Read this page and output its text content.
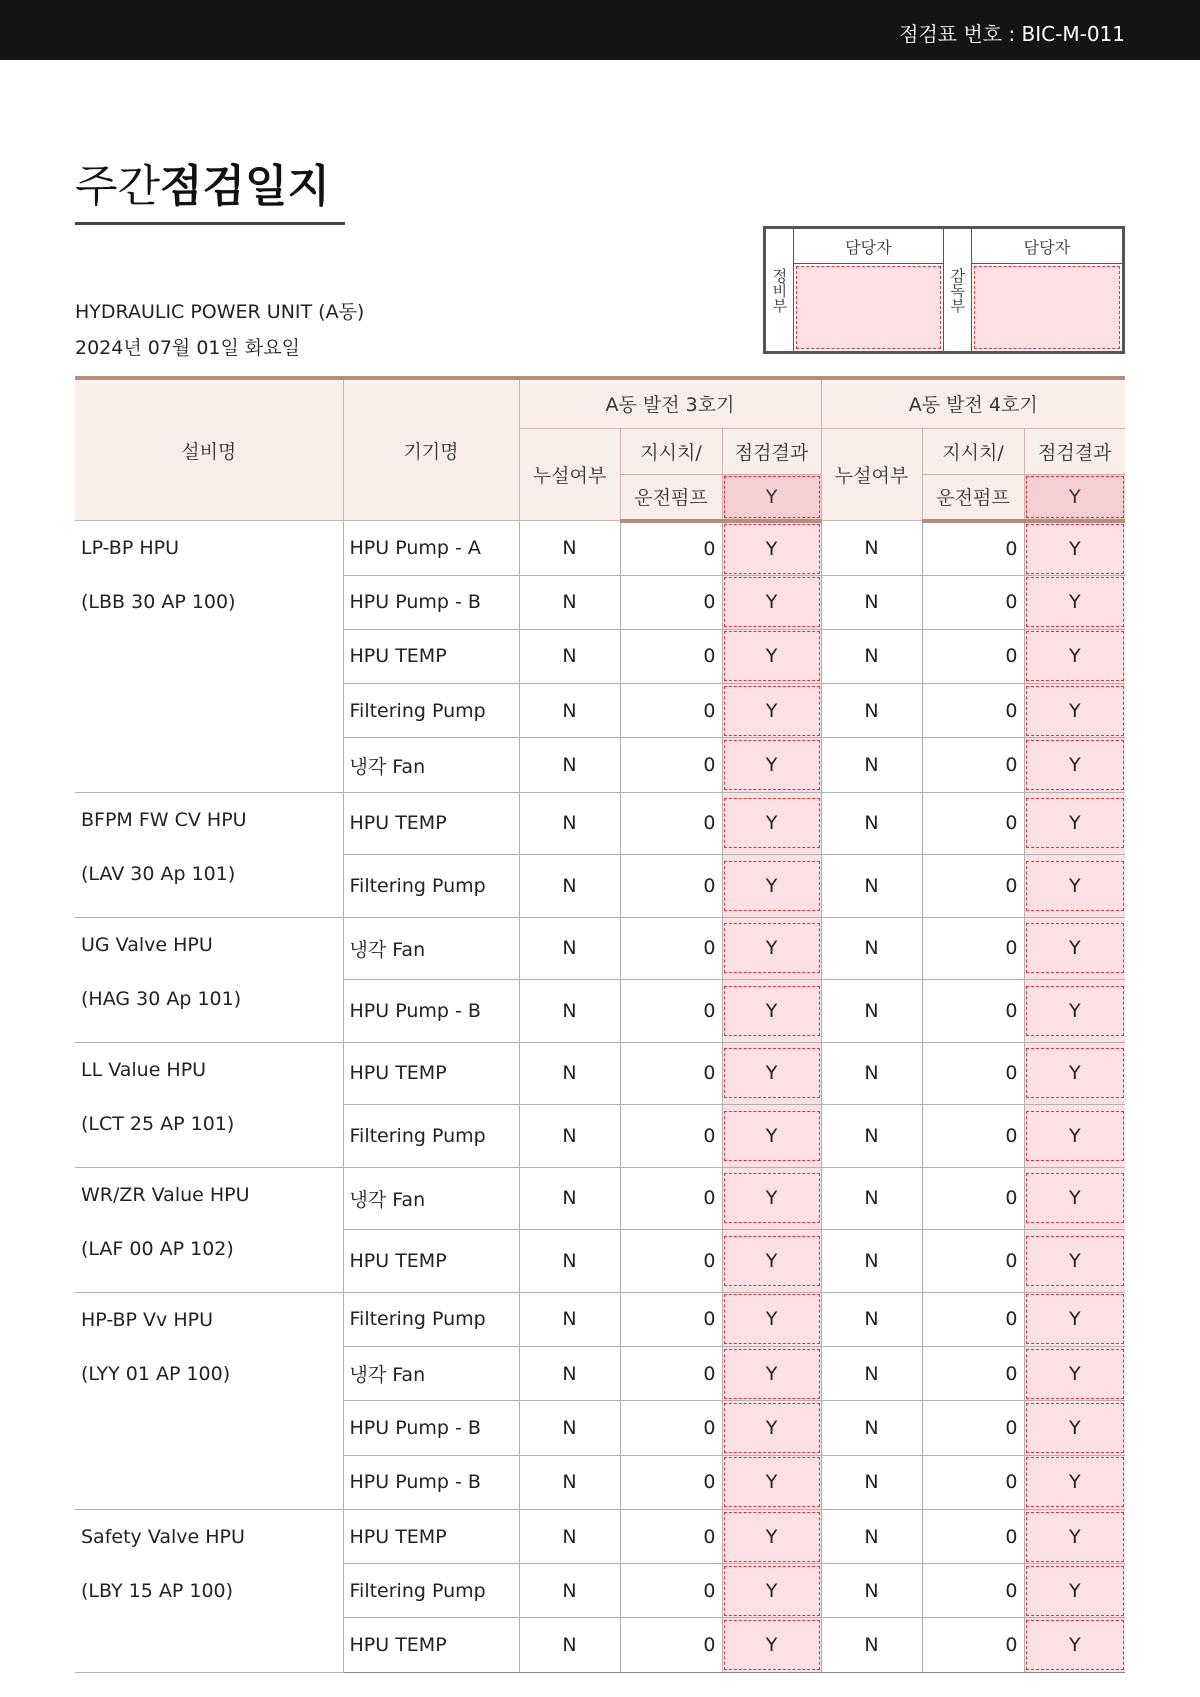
점검표 번호 : BIC-M-011
주간점검일지
HYDRAULIC POWER UNIT (A동)
2024년 07월 01일 화요일
정비부
담당자
감독부
담당자
설비명	기기명	A동 발전 3호기			A동 발전 4호기		
		누설여부	지시치/	점검결과	누설여부	지시치/	점검결과
			운전펌프	Y		운전펌프	Y

LP-BP HPU
(LBB 30 AP 100)	HPU Pump - A	N	0	Y	N	0	Y

	HPU Pump - B	N	0	Y	N	0	Y

	HPU TEMP	N	0	Y	N	0	Y

	Filtering Pump	N	0	Y	N	0	Y

	냉각 Fan	N	0	Y	N	0	Y

BFPM FW CV HPU
(LAV 30 Ap 101)	HPU TEMP	N	0	Y	N	0	Y

	Filtering Pump	N	0	Y	N	0	Y

UG Valve HPU
(HAG 30 Ap 101)	냉각 Fan	N	0	Y	N	0	Y

	HPU Pump - B	N	0	Y	N	0	Y

LL Value HPU
(LCT 25 AP 101)	HPU TEMP	N	0	Y	N	0	Y

	Filtering Pump	N	0	Y	N	0	Y

WR/ZR Value HPU
(LAF 00 AP 102)	냉각 Fan	N	0	Y	N	0	Y

	HPU TEMP	N	0	Y	N	0	Y

HP-BP Vv HPU
(LYY 01 AP 100)	Filtering Pump	N	0	Y	N	0	Y

	냉각 Fan	N	0	Y	N	0	Y

	HPU Pump - B	N	0	Y	N	0	Y

	HPU Pump - B	N	0	Y	N	0	Y

Safety Valve HPU
(LBY 15 AP 100)	HPU TEMP	N	0	Y	N	0	Y

	Filtering Pump	N	0	Y	N	0	Y

	HPU TEMP	N	0	Y	N	0	Y
